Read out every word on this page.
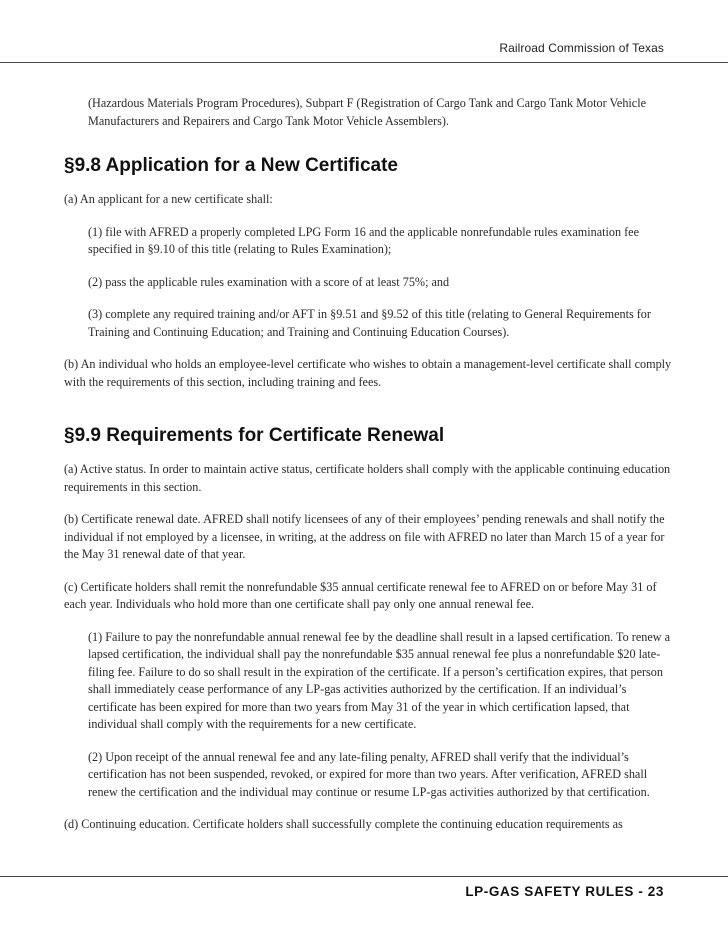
Railroad Commission of Texas

(Hazardous Materials Program Procedures), Subpart F (Registration of Cargo Tank and Cargo Tank Motor Vehicle Manufacturers and Repairers and Cargo Tank Motor Vehicle Assemblers).

§9.8 Application for a New Certificate

(a) An applicant for a new certificate shall:

(1) file with AFRED a properly completed LPG Form 16 and the applicable nonrefundable rules examination fee specified in §9.10 of this title (relating to Rules Examination);

(2) pass the applicable rules examination with a score of at least 75%; and

(3) complete any required training and/or AFT in §9.51 and §9.52 of this title (relating to General Requirements for Training and Continuing Education; and Training and Continuing Education Courses).

(b) An individual who holds an employee-level certificate who wishes to obtain a management-level certificate shall comply with the requirements of this section, including training and fees.

§9.9 Requirements for Certificate Renewal

(a) Active status. In order to maintain active status, certificate holders shall comply with the applicable continuing education requirements in this section.

(b) Certificate renewal date. AFRED shall notify licensees of any of their employees’ pending renewals and shall notify the individual if not employed by a licensee, in writing, at the address on file with AFRED no later than March 15 of a year for the May 31 renewal date of that year.

(c) Certificate holders shall remit the nonrefundable $35 annual certificate renewal fee to AFRED on or before May 31 of each year. Individuals who hold more than one certificate shall pay only one annual renewal fee.

(1) Failure to pay the nonrefundable annual renewal fee by the deadline shall result in a lapsed certification. To renew a lapsed certification, the individual shall pay the nonrefundable $35 annual renewal fee plus a nonrefundable $20 late-filing fee. Failure to do so shall result in the expiration of the certificate. If a person’s certification expires, that person shall immediately cease performance of any LP-gas activities authorized by the certification. If an individual’s certificate has been expired for more than two years from May 31 of the year in which certification lapsed, that individual shall comply with the requirements for a new certificate.

(2) Upon receipt of the annual renewal fee and any late-filing penalty, AFRED shall verify that the individual’s certification has not been suspended, revoked, or expired for more than two years. After verification, AFRED shall renew the certification and the individual may continue or resume LP-gas activities authorized by that certification.

(d) Continuing education. Certificate holders shall successfully complete the continuing education requirements as

LP-GAS SAFETY RULES - 23
